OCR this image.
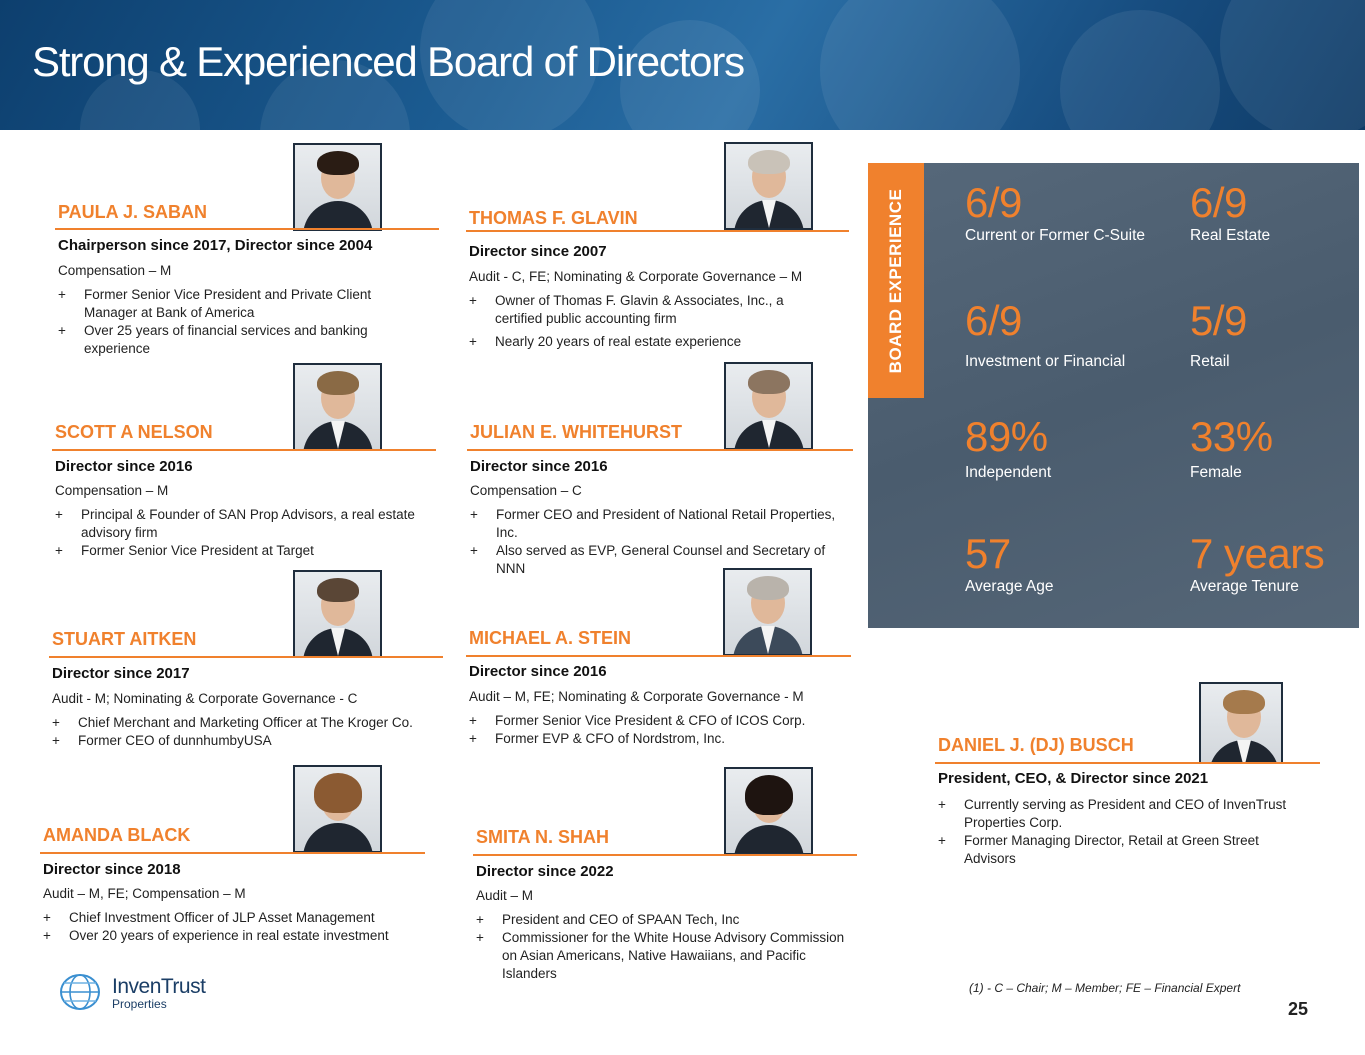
Strong & Experienced Board of Directors
PAULA J. SABAN
Chairperson since 2017, Director since 2004
Compensation – M
+ Former Senior Vice President and Private Client Manager at Bank of America
+ Over 25 years of financial services and banking experience
THOMAS F. GLAVIN
Director since 2007
Audit - C, FE; Nominating & Corporate Governance – M
+ Owner of Thomas F. Glavin & Associates, Inc., a certified public accounting firm
+ Nearly 20 years of real estate experience
SCOTT A NELSON
Director since 2016
Compensation – M
+ Principal & Founder of SAN Prop Advisors, a real estate advisory firm
+ Former Senior Vice President at Target
JULIAN E. WHITEHURST
Director since 2016
Compensation – C
+ Former CEO and President of National Retail Properties, Inc.
+ Also served as EVP, General Counsel and Secretary of NNN
STUART AITKEN
Director since 2017
Audit - M; Nominating & Corporate Governance - C
+ Chief Merchant and Marketing Officer at The Kroger Co.
+ Former CEO of dunnhumbyUSA
MICHAEL A. STEIN
Director since 2016
Audit – M, FE; Nominating & Corporate Governance - M
+ Former Senior Vice President & CFO of ICOS Corp.
+ Former EVP & CFO of Nordstrom, Inc.
AMANDA BLACK
Director since 2018
Audit – M, FE; Compensation – M
+ Chief Investment Officer of JLP Asset Management
+ Over 20 years of experience in real estate investment
SMITA N. SHAH
Director since 2022
Audit – M
+ President and CEO of SPAAN Tech, Inc
+ Commissioner for the White House Advisory Commission on Asian Americans, Native Hawaiians, and Pacific Islanders
DANIEL J. (DJ) BUSCH
President, CEO, & Director since 2021
+ Currently serving as President and CEO of InvenTrust Properties Corp.
+ Former Managing Director, Retail at Green Street Advisors
BOARD EXPERIENCE 6/9
Current or Former C-Suite
6/9
Real Estate
6/9
Investment or Financial
5/9
Retail
89%
Independent
33%
Female
57
Average Age
7 years
Average Tenure
InvenTrust
Properties
(1) - C – Chair; M – Member; FE – Financial Expert
25
